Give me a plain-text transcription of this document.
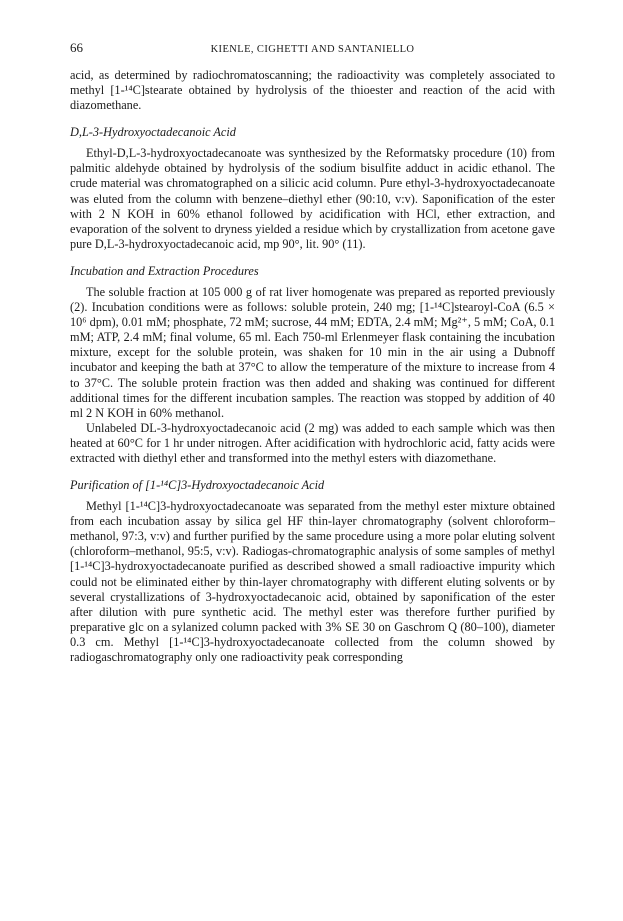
66	KIENLE, CIGHETTI AND SANTANIELLO

acid, as determined by radiochromatoscanning; the radioactivity was completely associated to methyl [1-¹⁴C]stearate obtained by hydrolysis of the thioester and reaction of the acid with diazomethane.

D,L-3-Hydroxyoctadecanoic Acid

Ethyl-D,L-3-hydroxyoctadecanoate was synthesized by the Reformatsky procedure (10) from palmitic aldehyde obtained by hydrolysis of the sodium bisulfite adduct in acidic ethanol. The crude material was chromatographed on a silicic acid column. Pure ethyl-3-hydroxyoctadecanoate was eluted from the column with benzene–diethyl ether (90:10, v:v). Saponification of the ester with 2 N KOH in 60% ethanol followed by acidification with HCl, ether extraction, and evaporation of the solvent to dryness yielded a residue which by crystallization from acetone gave pure D,L-3-hydroxyoctadecanoic acid, mp 90°, lit. 90° (11).

Incubation and Extraction Procedures

The soluble fraction at 105 000 g of rat liver homogenate was prepared as reported previously (2). Incubation conditions were as follows: soluble protein, 240 mg; [1-¹⁴C]stearoyl-CoA (6.5 × 10⁶ dpm), 0.01 mM; phosphate, 72 mM; sucrose, 44 mM; EDTA, 2.4 mM; Mg²⁺, 5 mM; CoA, 0.1 mM; ATP, 2.4 mM; final volume, 65 ml. Each 750-ml Erlenmeyer flask containing the incubation mixture, except for the soluble protein, was shaken for 10 min in the air using a Dubnoff incubator and keeping the bath at 37°C to allow the temperature of the mixture to increase from 4 to 37°C. The soluble protein fraction was then added and shaking was continued for different additional times for the different incubation samples. The reaction was stopped by addition of 40 ml 2 N KOH in 60% methanol.

Unlabeled DL-3-hydroxyoctadecanoic acid (2 mg) was added to each sample which was then heated at 60°C for 1 hr under nitrogen. After acidification with hydrochloric acid, fatty acids were extracted with diethyl ether and transformed into the methyl esters with diazomethane.

Purification of [1-¹⁴C]3-Hydroxyoctadecanoic Acid

Methyl [1-¹⁴C]3-hydroxyoctadecanoate was separated from the methyl ester mixture obtained from each incubation assay by silica gel HF thin-layer chromatography (solvent chloroform–methanol, 97:3, v:v) and further purified by the same procedure using a more polar eluting solvent (chloroform–methanol, 95:5, v:v). Radiogas-chromatographic analysis of some samples of methyl [1-¹⁴C]3-hydroxyoctadecanoate purified as described showed a small radioactive impurity which could not be eliminated either by thin-layer chromatography with different eluting solvents or by several crystallizations of 3-hydroxyoctadecanoic acid, obtained by saponification of the ester after dilution with pure synthetic acid. The methyl ester was therefore further purified by preparative glc on a sylanized column packed with 3% SE 30 on Gaschrom Q (80–100), diameter 0.3 cm. Methyl [1-¹⁴C]3-hydroxyoctadecanoate collected from the column showed by radiogaschromatography only one radioactivity peak corresponding
